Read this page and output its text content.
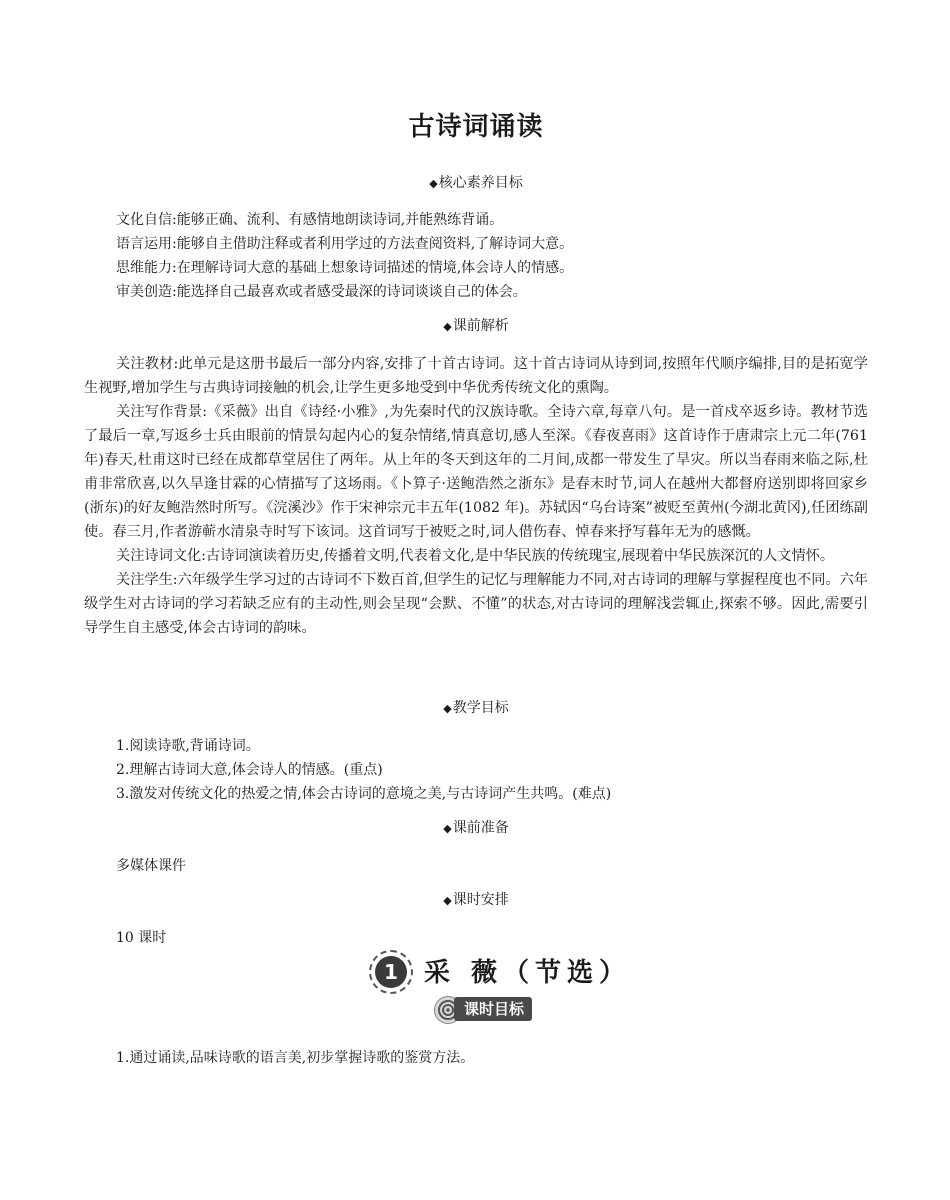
古诗词诵读
◆核心素养目标
文化自信:能够正确、流利、有感情地朗读诗词,并能熟练背诵。
语言运用:能够自主借助注释或者利用学过的方法查阅资料,了解诗词大意。
思维能力:在理解诗词大意的基础上想象诗词描述的情境,体会诗人的情感。
审美创造:能选择自己最喜欢或者感受最深的诗词谈谈自己的体会。
◆课前解析

关注教材:此单元是这册书最后一部分内容,安排了十首古诗词。这十首古诗词从诗到词,按照年代顺序编排,目的是拓宽学生视野,增加学生与古典诗词接触的机会,让学生更多地受到中华优秀传统文化的熏陶。

关注写作背景:《采薇》出自《诗经·小雅》,为先秦时代的汉族诗歌。全诗六章,每章八句。是一首戍卒返乡诗。教材节选了最后一章,写返乡士兵由眼前的情景勾起内心的复杂情绪,情真意切,感人至深。《春夜喜雨》这首诗作于唐肃宗上元二年(761 年)春天,杜甫这时已经在成都草堂居住了两年。从上年的冬天到这年的二月间,成都一带发生了旱灾。所以当春雨来临之际,杜甫非常欣喜,以久旱逢甘霖的心情描写了这场雨。《卜算子·送鲍浩然之浙东》是春末时节,词人在越州大都督府送别即将回家乡(浙东)的好友鲍浩然时所写。《浣溪沙》作于宋神宗元丰五年(1082 年)。苏轼因“乌台诗案”被贬至黄州(今湖北黄冈),任团练副使。春三月,作者游蕲水清泉寺时写下该词。这首词写于被贬之时,词人借伤春、悼春来抒写暮年无为的感慨。

关注诗词文化:古诗词演读着历史,传播着文明,代表着文化,是中华民族的传统瑰宝,展现着中华民族深沉的人文情怀。

关注学生:六年级学生学习过的古诗词不下数百首,但学生的记忆与理解能力不同,对古诗词的理解与掌握程度也不同。六年级学生对古诗词的学习若缺乏应有的主动性,则会呈现“会默、不懂”的状态,对古诗词的理解浅尝辄止,探索不够。因此,需要引导学生自主感受,体会古诗词的韵味。

◆教学目标
1.阅读诗歌,背诵诗词。
2.理解古诗词大意,体会诗人的情感。(重点)
3.激发对传统文化的热爱之情,体会古诗词的意境之美,与古诗词产生共鸣。(难点)
◆课前准备
多媒体课件
◆课时安排
10 课时
1	采 薇（节选）
课时目标
1.通过诵读,品味诗歌的语言美,初步掌握诗歌的鉴赏方法。
